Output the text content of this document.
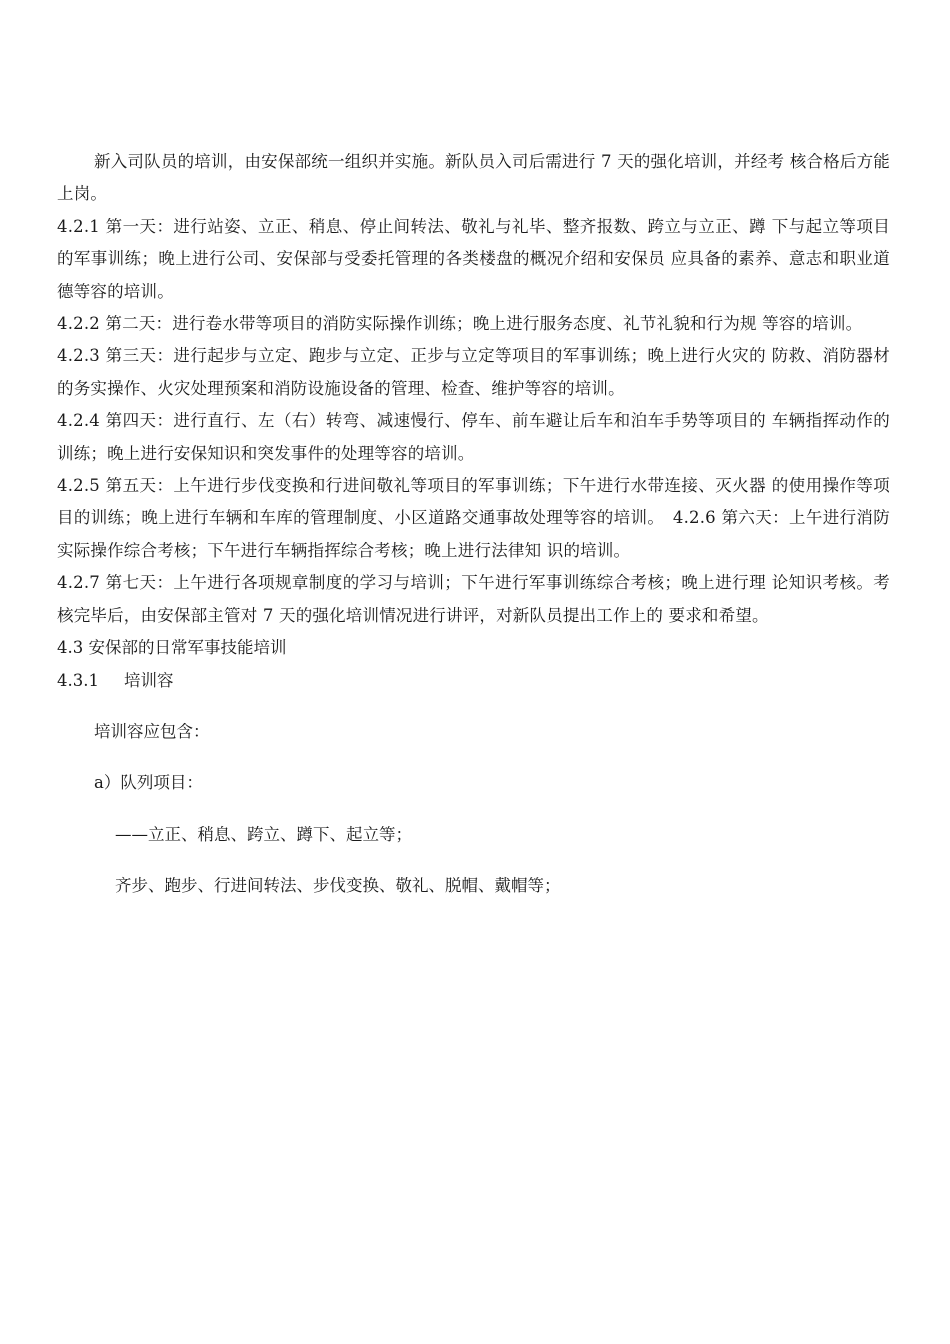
新入司队员的培训，由安保部统一组织并实施。新队员入司后需进行 7 天的强化培训，并经考 核合格后方能上岗。

4.2.1 第一天：进行站姿、立正、稍息、停止间转法、敬礼与礼毕、整齐报数、跨立与立正、蹲 下与起立等项目的军事训练；晚上进行公司、安保部与受委托管理的各类楼盘的概况介绍和安保员 应具备的素养、意志和职业道德等容的培训。

4.2.2 第二天：进行卷水带等项目的消防实际操作训练；晚上进行服务态度、礼节礼貌和行为规 等容的培训。

4.2.3 第三天：进行起步与立定、跑步与立定、正步与立定等项目的军事训练；晚上进行火灾的 防救、消防器材的务实操作、火灾处理预案和消防设施设备的管理、检查、维护等容的培训。

4.2.4 第四天：进行直行、左（右）转弯、减速慢行、停车、前车避让后车和泊车手势等项目的 车辆指挥动作的训练；晚上进行安保知识和突发事件的处理等容的培训。

4.2.5 第五天：上午进行步伐变换和行进间敬礼等项目的军事训练；下午进行水带连接、灭火器 的使用操作等项目的训练；晚上进行车辆和车库的管理制度、小区道路交通事故处理等容的培训。　4.2.6 第六天：上午进行消防实际操作综合考核；下午进行车辆指挥综合考核；晚上进行法律知 识的培训。

4.2.7 第七天：上午进行各项规章制度的学习与培训；下午进行军事训练综合考核；晚上进行理 论知识考核。考核完毕后，由安保部主管对 7 天的强化培训情况进行讲评，对新队员提出工作上的 要求和希望。

4.3 安保部的日常军事技能培训

4.3.1 培训容

培训容应包含：

a）队列项目：

——立正、稍息、跨立、蹲下、起立等；

齐步、跑步、行进间转法、步伐变换、敬礼、脱帽、戴帽等；
